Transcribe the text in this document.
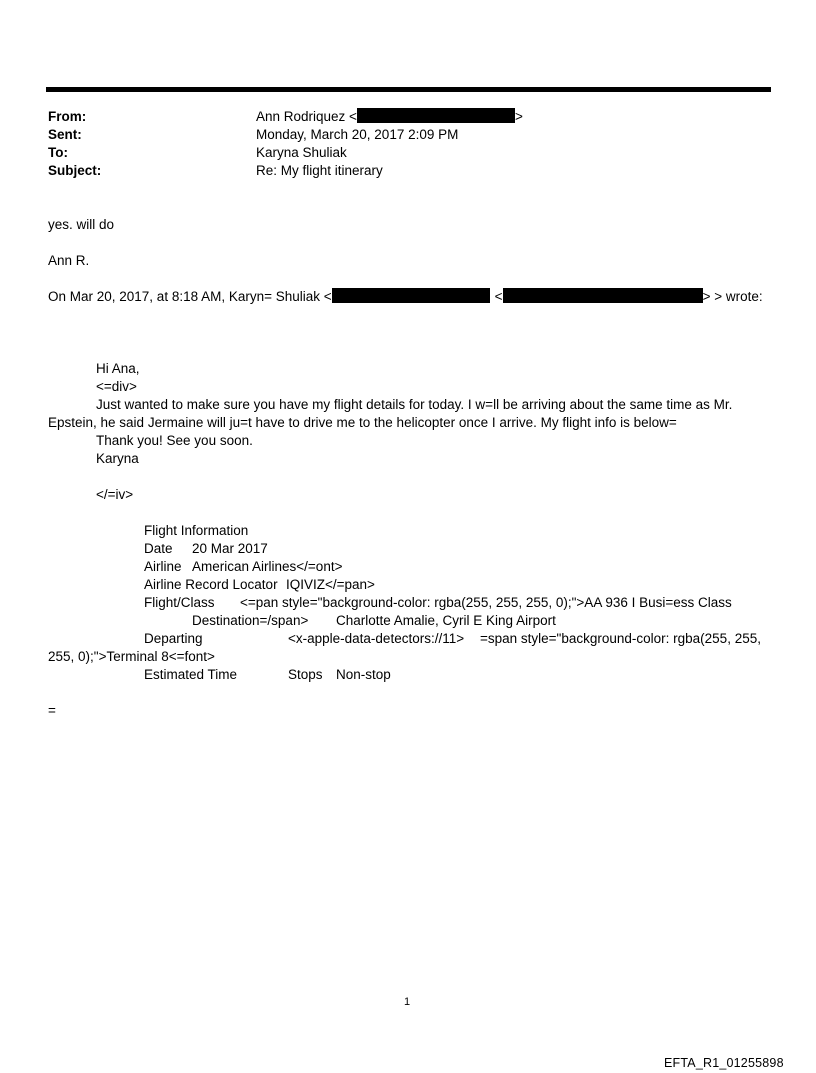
From:	Ann Rodriquez <	>
Sent:	Monday, March 20, 2017 2:09 PM
To:	Karyna Shuliak
Subject:	Re: My flight itinerary
yes. will do
Ann R.
On Mar 20, 2017, at 8:18 AM, Karyn= Shuliak <	<	> > wrote:
Hi Ana,
<=div>
Just wanted to make sure you have my flight details for today. I w=ll be arriving about the same time as Mr.
Epstein, he said Jermaine will ju=t have to drive me to the helicopter once I arrive. My flight info is below=
Thank you! See you soon.
Karyna
</=iv>
Flight Information
Date 20 Mar 2017
Airline American Airlines</=ont>
Airline Record Locator IQIVIZ</=pan>
Flight/Class <=pan style="background-color: rgba(255, 255, 255, 0);">AA 936 I Busi=ess Class
Destination=/span> Charlotte Amalie, Cyril E King Airport
Departing	<x-apple-data-detectors://11> =span style="background-color: rgba(255, 255,
255, 0);">Terminal 8<=font>
Estimated Time	Stops Non-stop
=
1
EFTA_R1_01255898
